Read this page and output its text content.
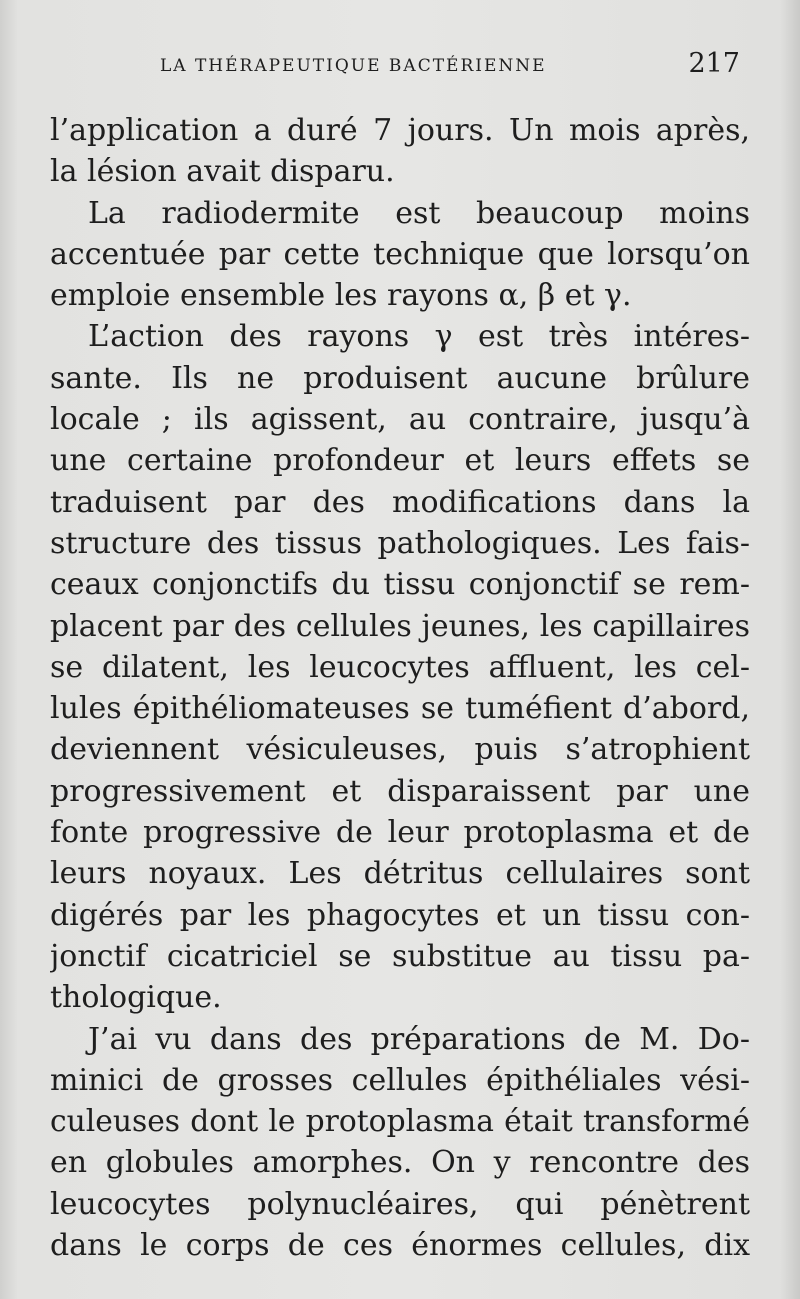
LA THÉRAPEUTIQUE BACTÉRIENNE	217
l’application a duré 7 jours. Un mois après,
la lésion avait disparu.
La radiodermite est beaucoup moins
accentuée par cette technique que lorsqu’on
emploie ensemble les rayons α, β et γ.
L’action des rayons γ est très intéres-
sante. Ils ne produisent aucune brûlure
locale ; ils agissent, au contraire, jusqu’à
une certaine profondeur et leurs effets se
traduisent par des modifications dans la
structure des tissus pathologiques. Les fais-
ceaux conjonctifs du tissu conjonctif se rem-
placent par des cellules jeunes, les capillaires
se dilatent, les leucocytes affluent, les cel-
lules épithéliomateuses se tuméfient d’abord,
deviennent vésiculeuses, puis s’atrophient
progressivement et disparaissent par une
fonte progressive de leur protoplasma et de
leurs noyaux. Les détritus cellulaires sont
digérés par les phagocytes et un tissu con-
jonctif cicatriciel se substitue au tissu pa-
thologique.
J’ai vu dans des préparations de M. Do-
minici de grosses cellules épithéliales vési-
culeuses dont le protoplasma était transformé
en globules amorphes. On y rencontre des
leucocytes polynucléaires, qui pénètrent
dans le corps de ces énormes cellules, dix
